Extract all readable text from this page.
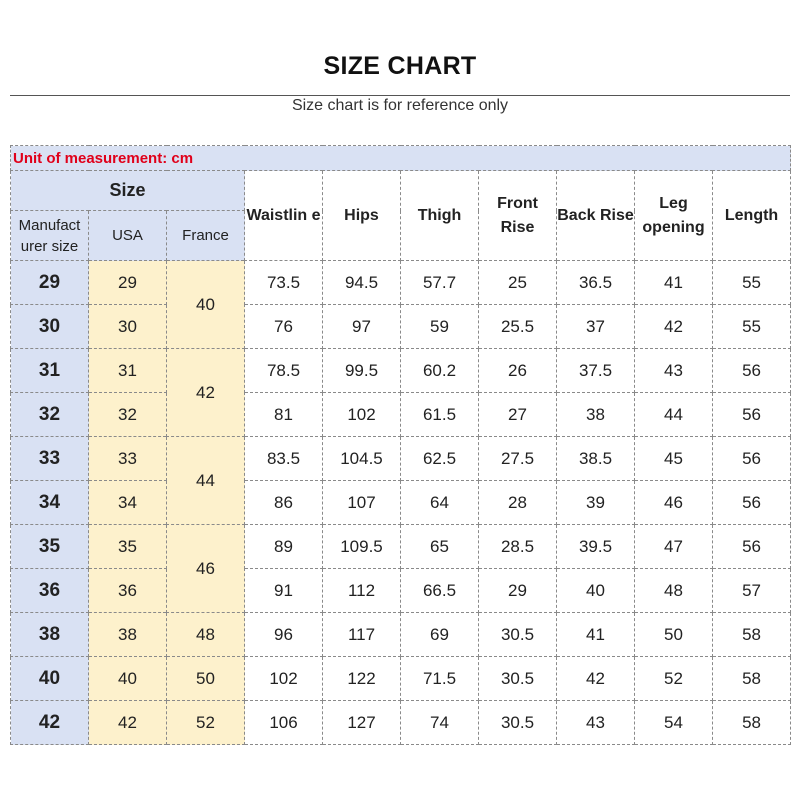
SIZE CHART
Size chart is for reference only
Unit of measurement: cm									
Size			Waistlin e	Hips	Thigh	Front Rise	Back Rise	Leg opening	Length
Manufact urer size	USA	France							
29	29	40	73.5	94.5	57.7	25	36.5	41	55
30	30		76	97	59	25.5	37	42	55
31	31	42	78.5	99.5	60.2	26	37.5	43	56
32	32		81	102	61.5	27	38	44	56
33	33	44	83.5	104.5	62.5	27.5	38.5	45	56
34	34		86	107	64	28	39	46	56
35	35	46	89	109.5	65	28.5	39.5	47	56
36	36		91	112	66.5	29	40	48	57
38	38	48	96	117	69	30.5	41	50	58
40	40	50	102	122	71.5	30.5	42	52	58
42	42	52	106	127	74	30.5	43	54	58
